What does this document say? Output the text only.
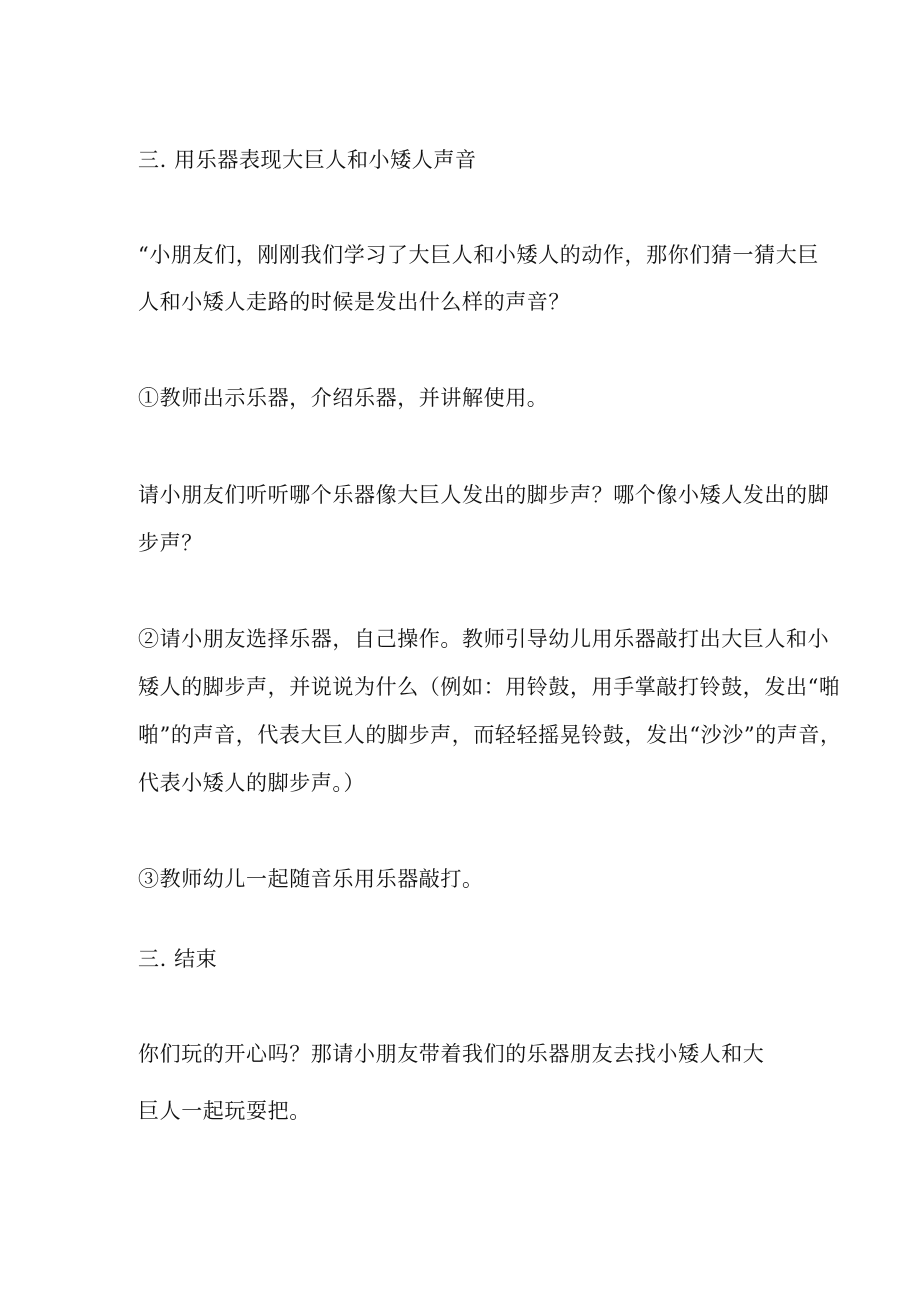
三. 用乐器表现大巨人和小矮人声音
“小朋友们，刚刚我们学习了大巨人和小矮人的动作，那你们猜一猜大巨
人和小矮人走路的时候是发出什么样的声音？
①教师出示乐器，介绍乐器，并讲解使用。
请小朋友们听听哪个乐器像大巨人发出的脚步声？哪个像小矮人发出的脚
步声？
②请小朋友选择乐器，自己操作。教师引导幼儿用乐器敲打出大巨人和小
矮人的脚步声，并说说为什么（例如：用铃鼓，用手掌敲打铃鼓，发出“啪
啪”的声音，代表大巨人的脚步声，而轻轻摇晃铃鼓，发出“沙沙”的声音，
代表小矮人的脚步声。）
③教师幼儿一起随音乐用乐器敲打。
三. 结束
你们玩的开心吗？那请小朋友带着我们的乐器朋友去找小矮人和大
巨人一起玩耍把。
